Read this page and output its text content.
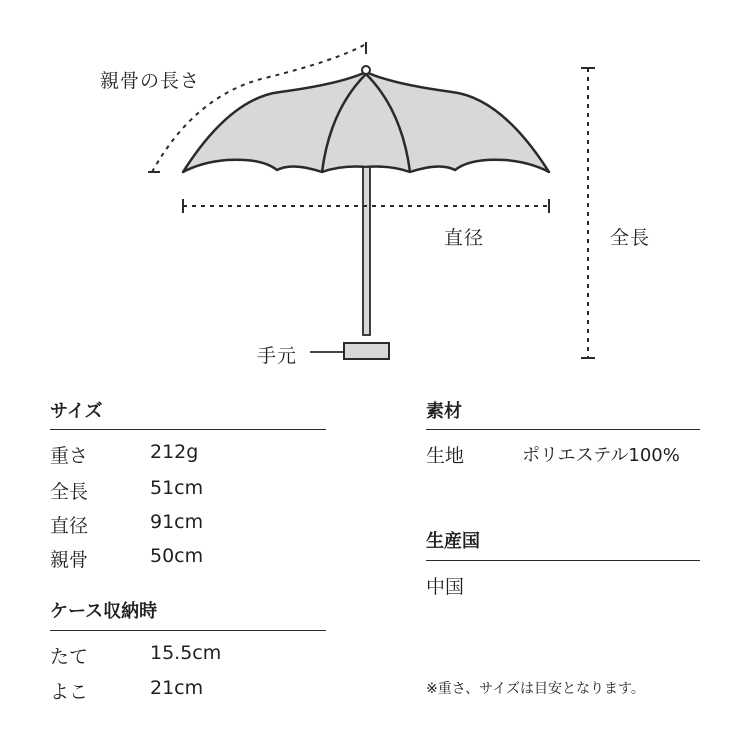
親骨の長さ
直径	全長
手元
サイズ
重さ	212g
全長	51cm
直径	91cm
親骨	50cm
ケース収納時
たて	15.5cm
よこ	21cm
素材
生地	ポリエステル100%
生産国
中国
※重さ、サイズは目安となります。
